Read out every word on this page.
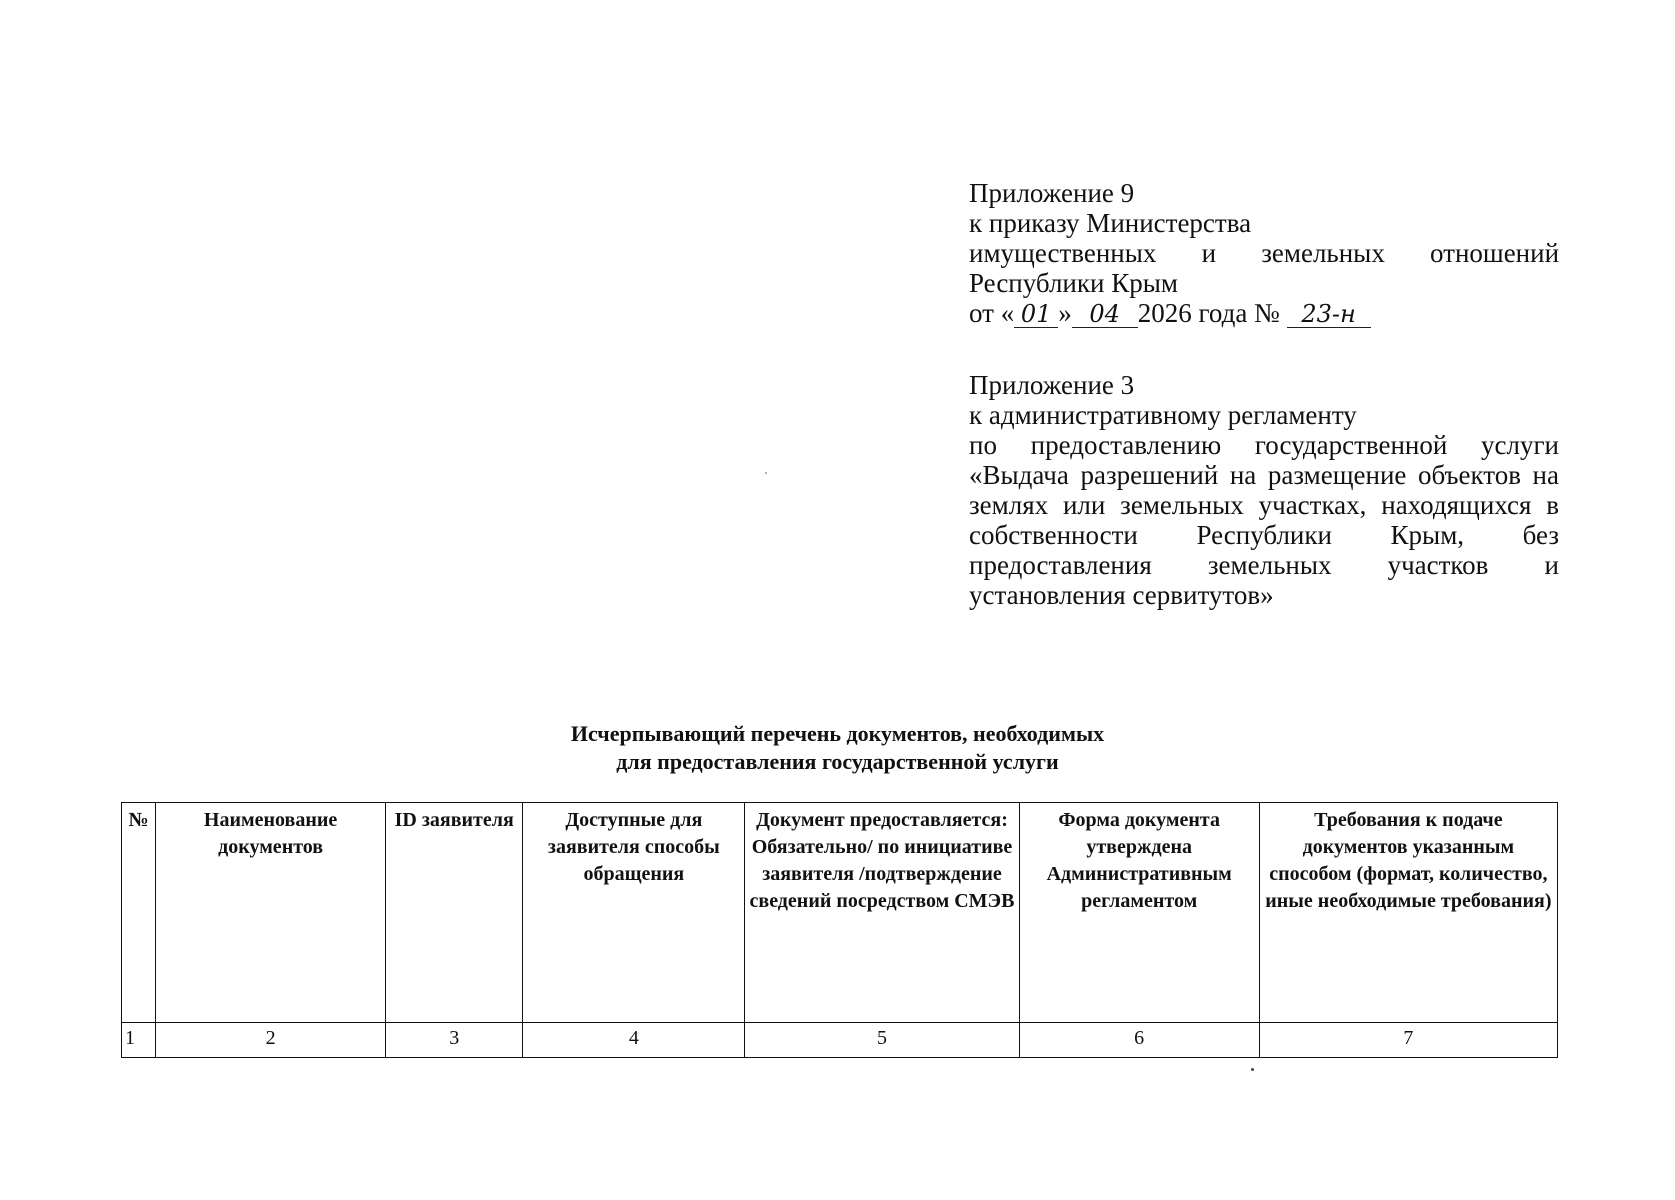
Приложение 9
к приказу Министерства
имущественных и земельных отношений
Республики Крым
от « 01 » 04 2026 года № 23-н
Приложение 3
к административному регламенту
по предоставлению государственной услуги
«Выдача разрешений на размещение объектов на землях или земельных участках, находящихся в собственности Республики Крым, без предоставления земельных участков и установления сервитутов»
Исчерпывающий перечень документов, необходимых
для предоставления государственной услуги
№	Наименование документов	ID заявителя	Доступные для заявителя способы обращения	Документ предоставляется: Обязательно/ по инициативе заявителя /подтверждение сведений посредством СМЭВ	Форма документа утверждена Административным регламентом	Требования к подаче документов указанным способом (формат, количество, иные необходимые требования)
1	2	3	4	5	6	7
